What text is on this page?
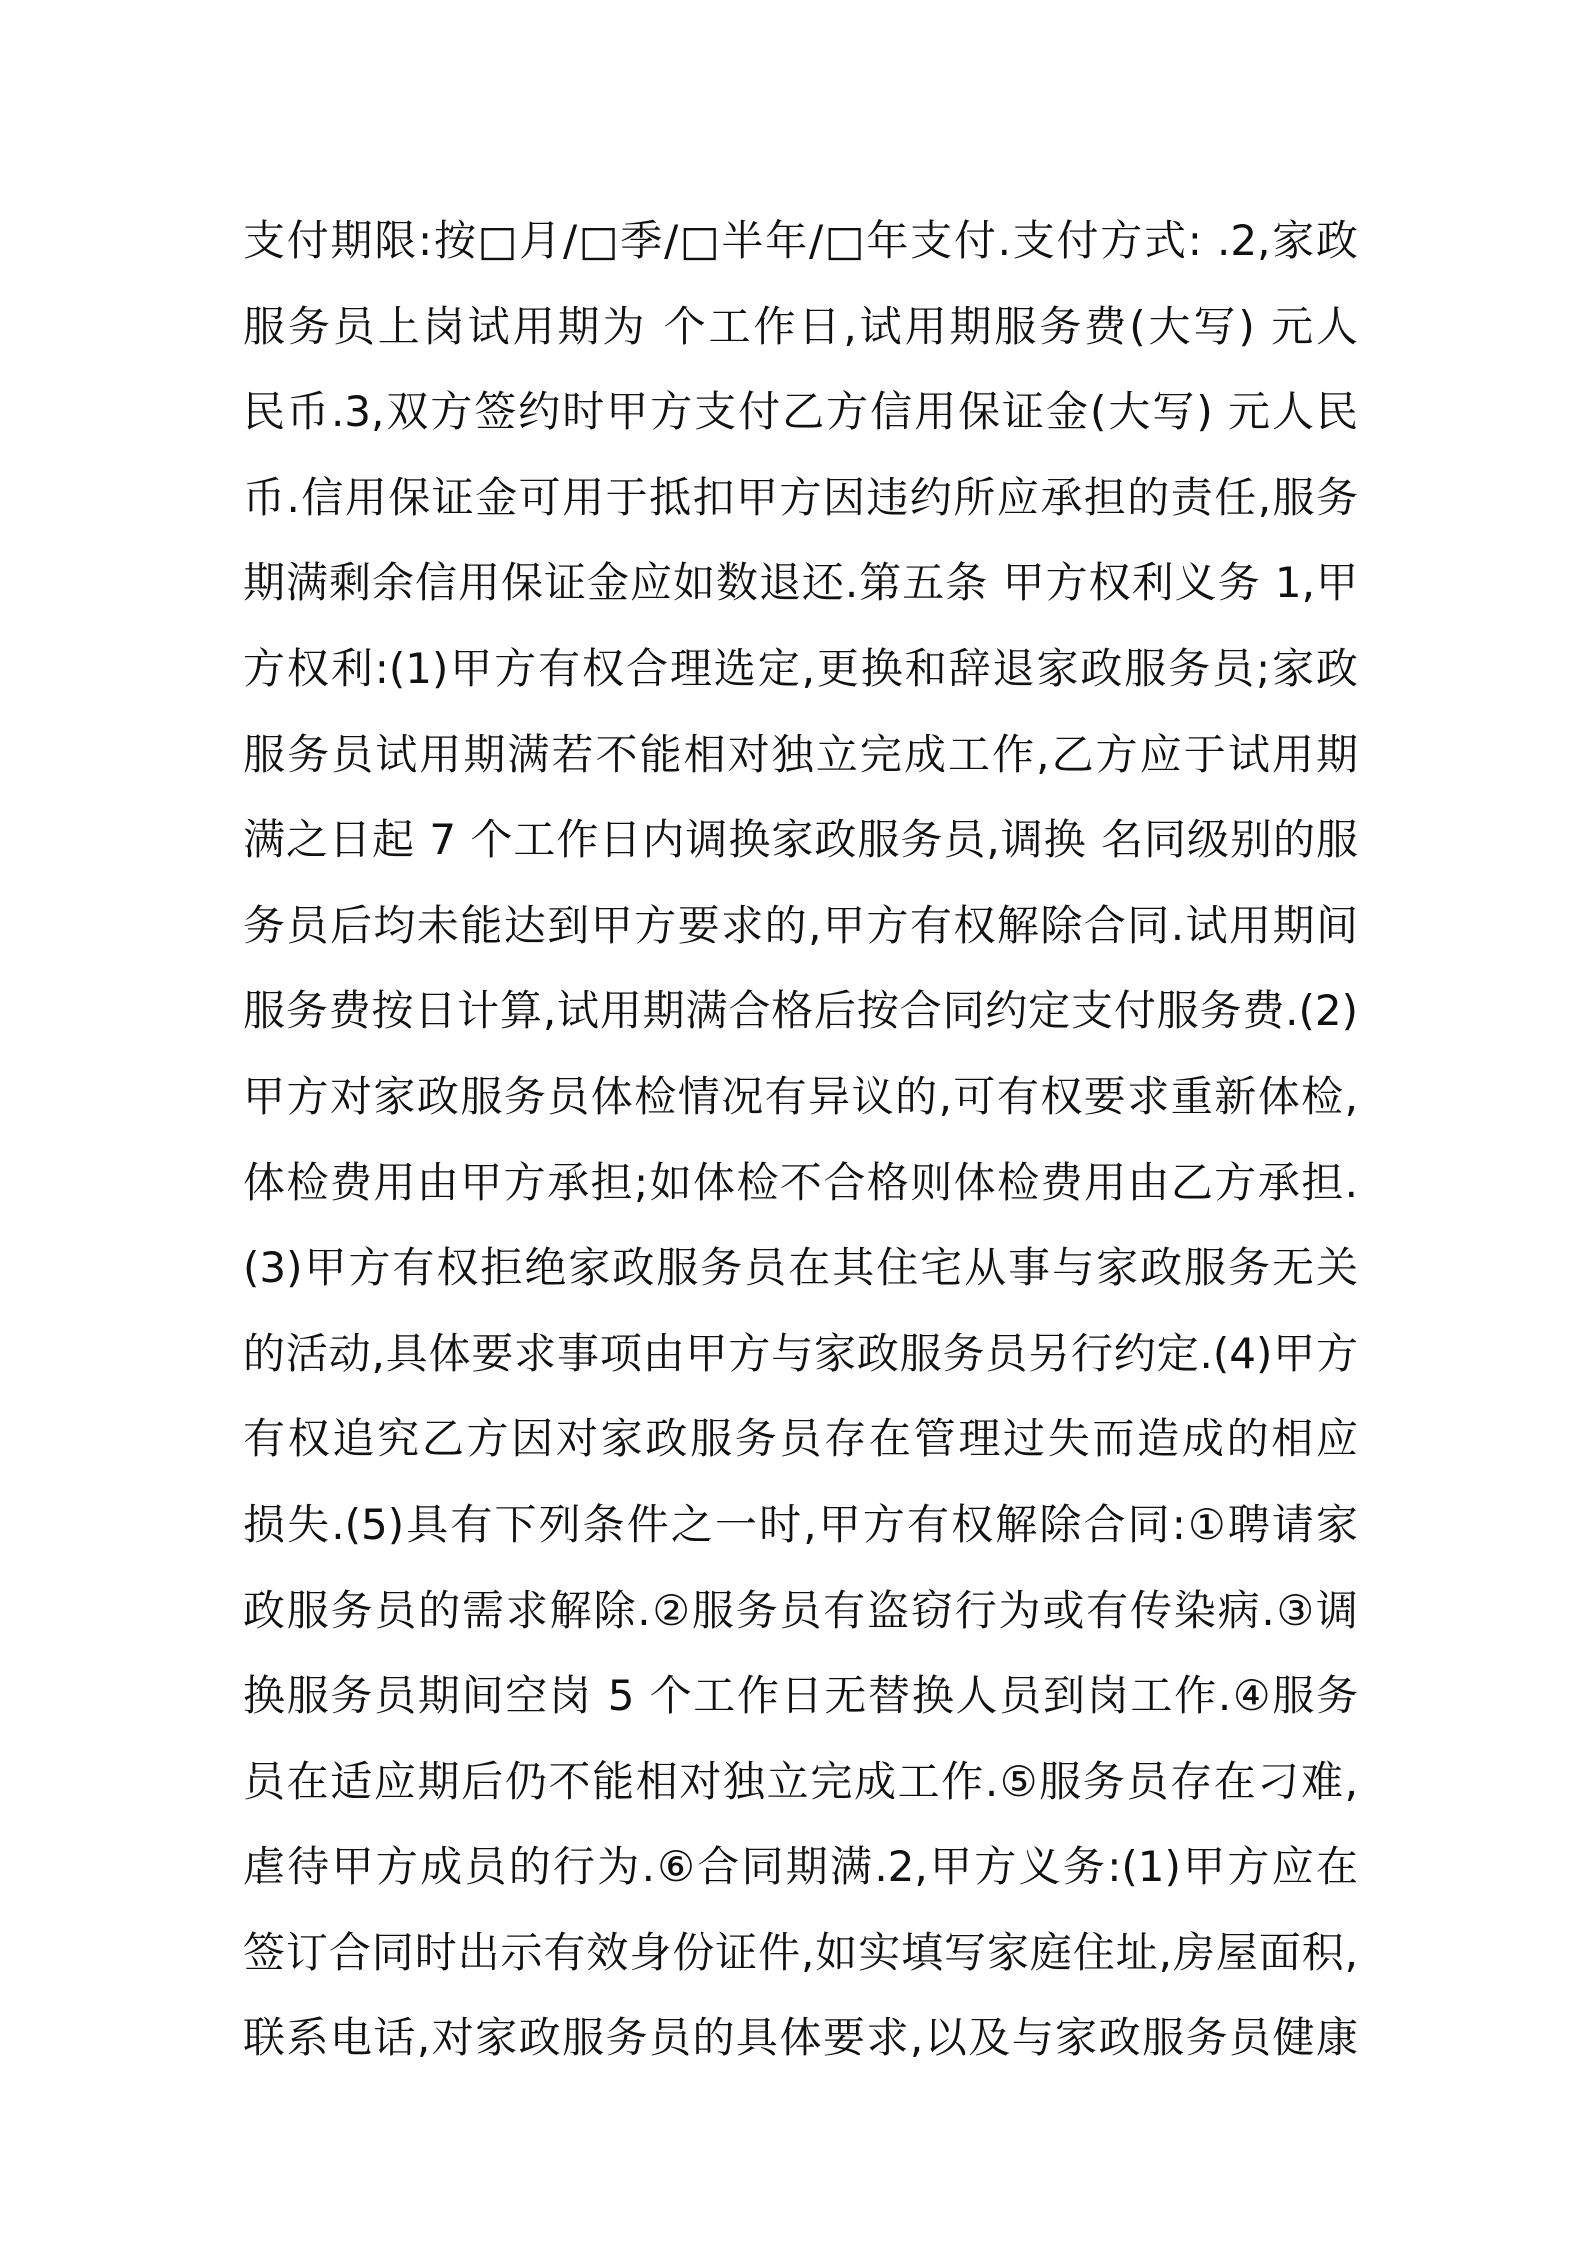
支付期限:按□月/□季/□半年/□年支付.支付方式: .2,家政
服务员上岗试用期为 个工作日,试用期服务费(大写) 元人
民币.3,双方签约时甲方支付乙方信用保证金(大写) 元人民
币.信用保证金可用于抵扣甲方因违约所应承担的责任,服务
期满剩余信用保证金应如数退还.第五条 甲方权利义务 1,甲
方权利:(1)甲方有权合理选定,更换和辞退家政服务员;家政
服务员试用期满若不能相对独立完成工作,乙方应于试用期
满之日起 7 个工作日内调换家政服务员,调换 名同级别的服
务员后均未能达到甲方要求的,甲方有权解除合同.试用期间
服务费按日计算,试用期满合格后按合同约定支付服务费.(2)
甲方对家政服务员体检情况有异议的,可有权要求重新体检,
体检费用由甲方承担;如体检不合格则体检费用由乙方承担.
(3)甲方有权拒绝家政服务员在其住宅从事与家政服务无关
的活动,具体要求事项由甲方与家政服务员另行约定.(4)甲方
有权追究乙方因对家政服务员存在管理过失而造成的相应
损失.(5)具有下列条件之一时,甲方有权解除合同:①聘请家
政服务员的需求解除.②服务员有盗窃行为或有传染病.③调
换服务员期间空岗 5 个工作日无替换人员到岗工作.④服务
员在适应期后仍不能相对独立完成工作.⑤服务员存在刁难,
虐待甲方成员的行为.⑥合同期满.2,甲方义务:(1)甲方应在
签订合同时出示有效身份证件,如实填写家庭住址,房屋面积,
联系电话,对家政服务员的具体要求,以及与家政服务员健康
